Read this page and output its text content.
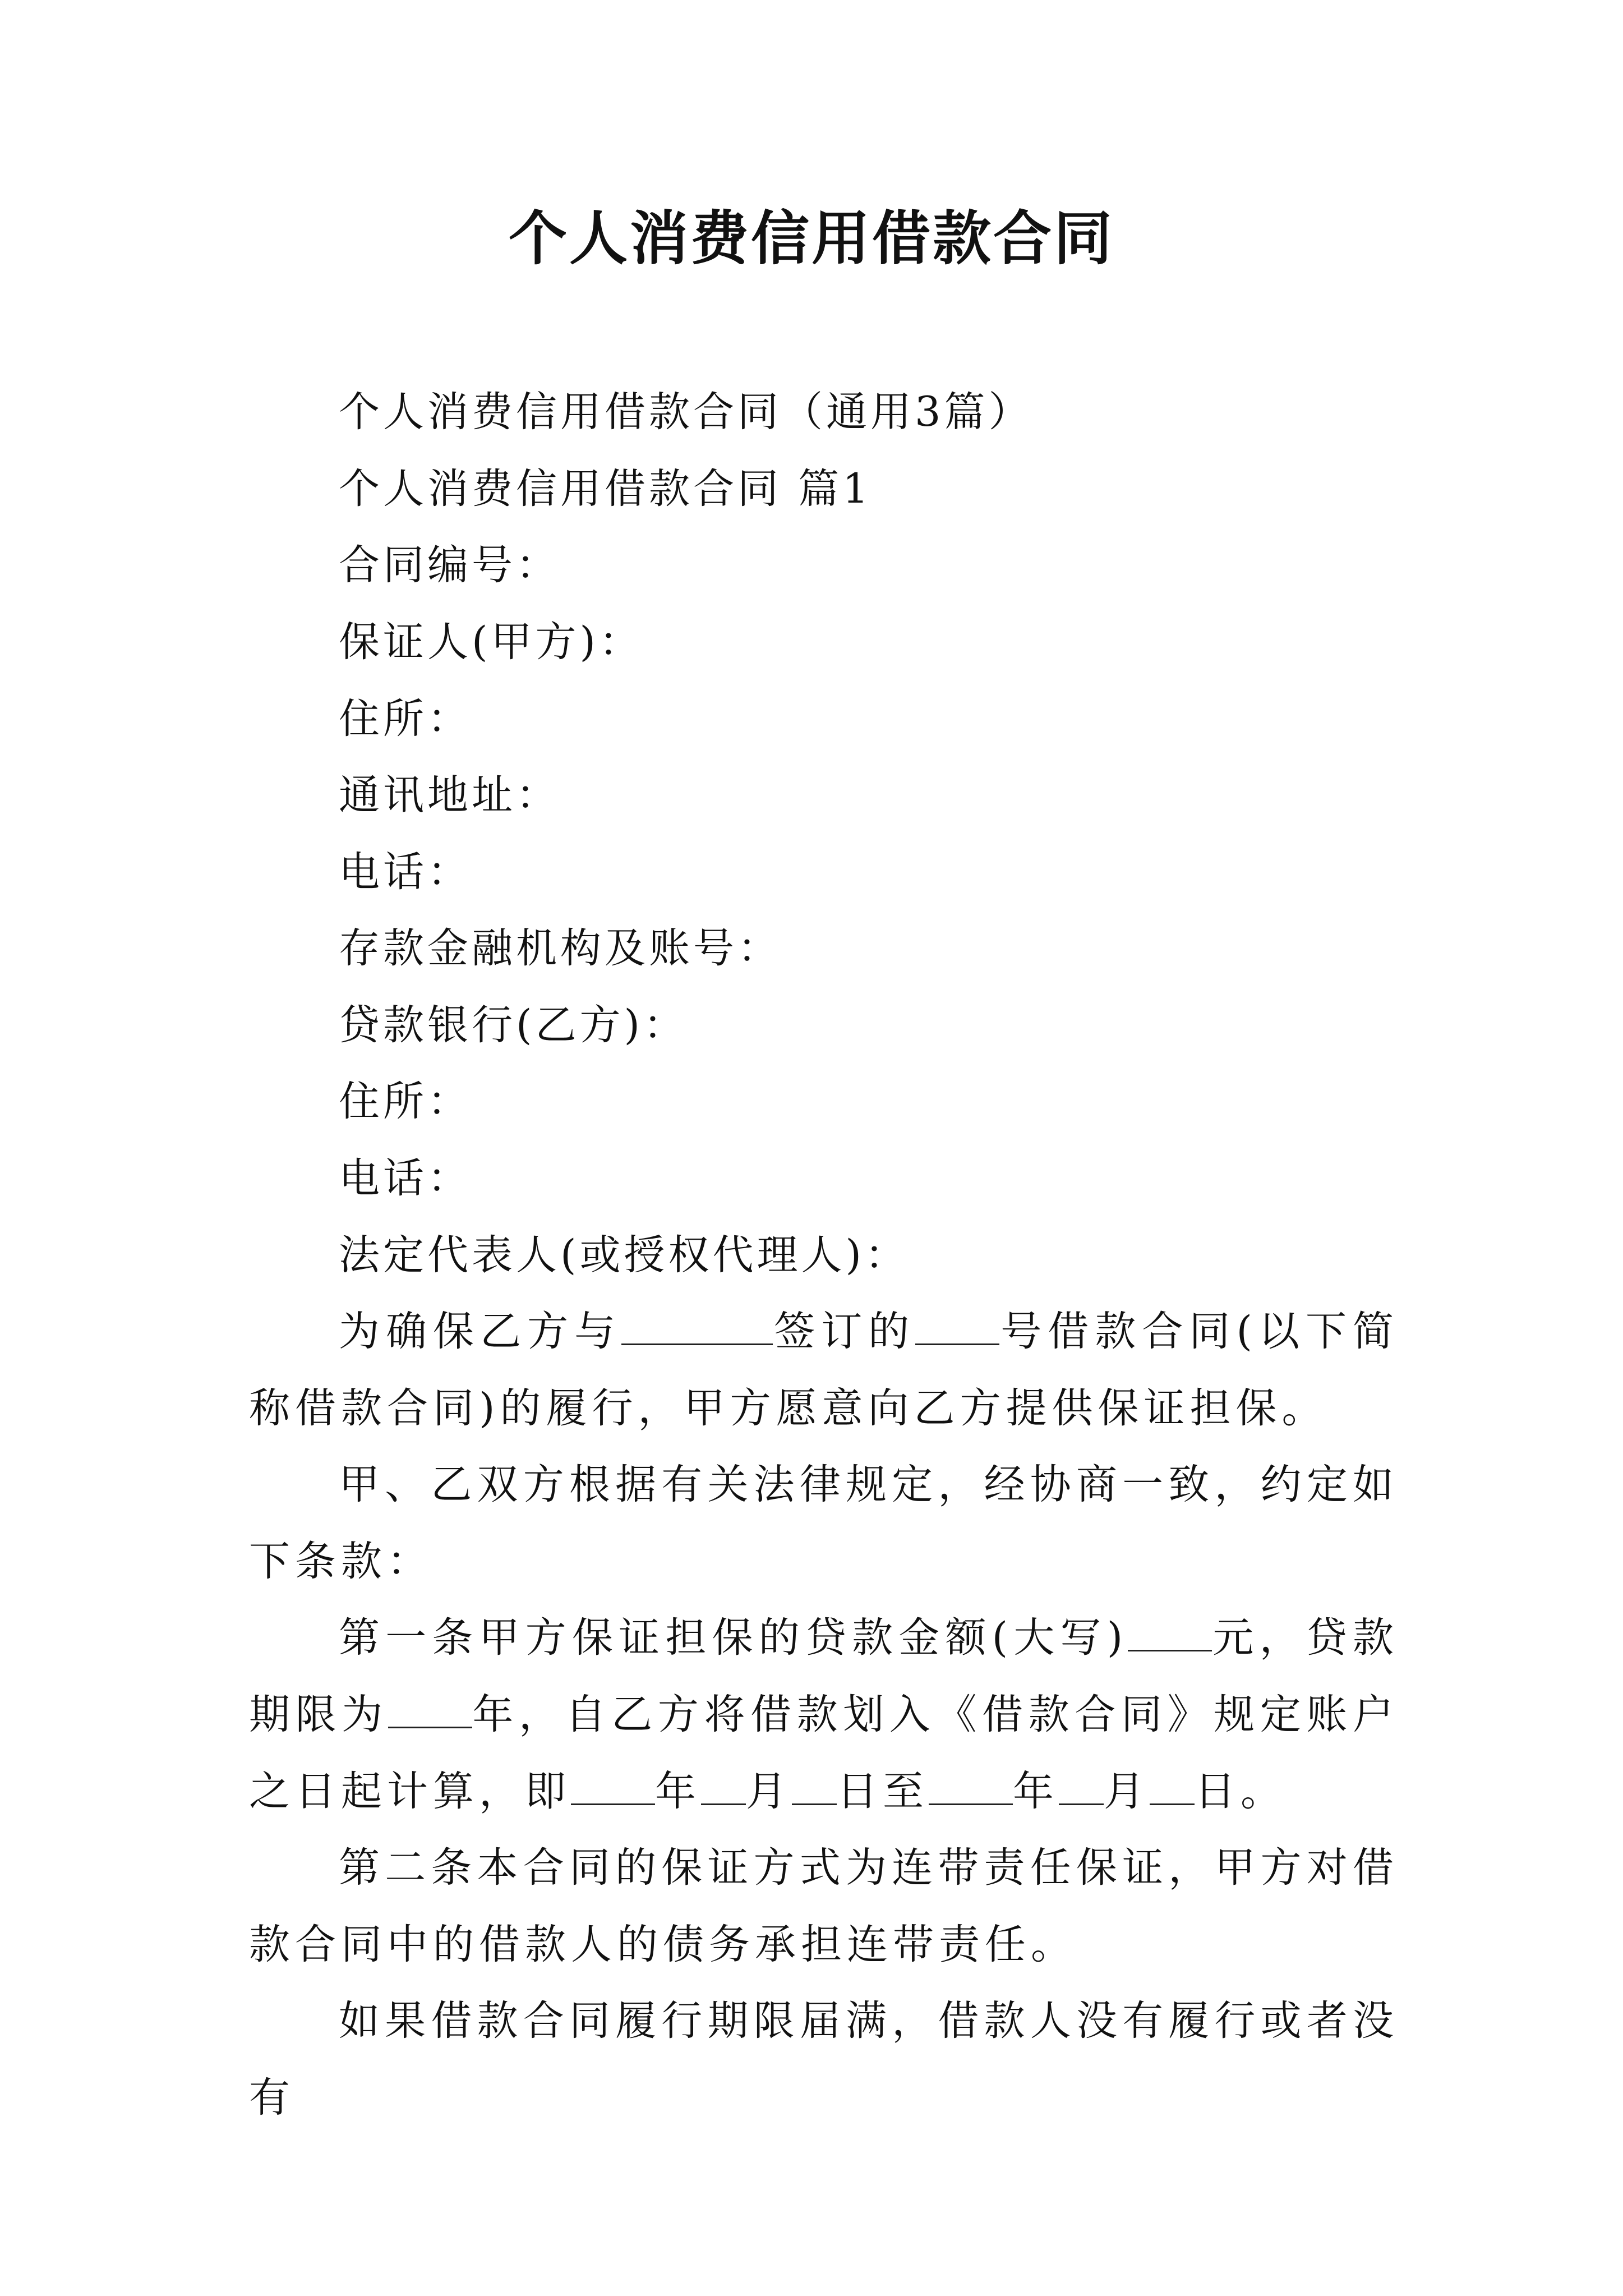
个人消费信用借款合同
个人消费信用借款合同（通用3篇）
个人消费信用借款合同 篇1
合同编号：
保证人(甲方)：
住所：
通讯地址：
电话：
存款金融机构及账号：
贷款银行(乙方)：
住所：
电话：
法定代表人(或授权代理人)：

为确保乙方与	签订的 号借款合同(以下简称借款合同)的履行，甲方愿意向乙方提供保证担保。

甲、乙双方根据有关法律规定，经协商一致，约定如下条款：

第一条甲方保证担保的贷款金额(大写) 元，贷款期限为 年，自乙方将借款划入《借款合同》规定账户之日起计算，即 年 月 日至 年 月 日。

第二条本合同的保证方式为连带责任保证，甲方对借款合同中的借款人的债务承担连带责任。

如果借款合同履行期限届满，借款人没有履行或者没有
